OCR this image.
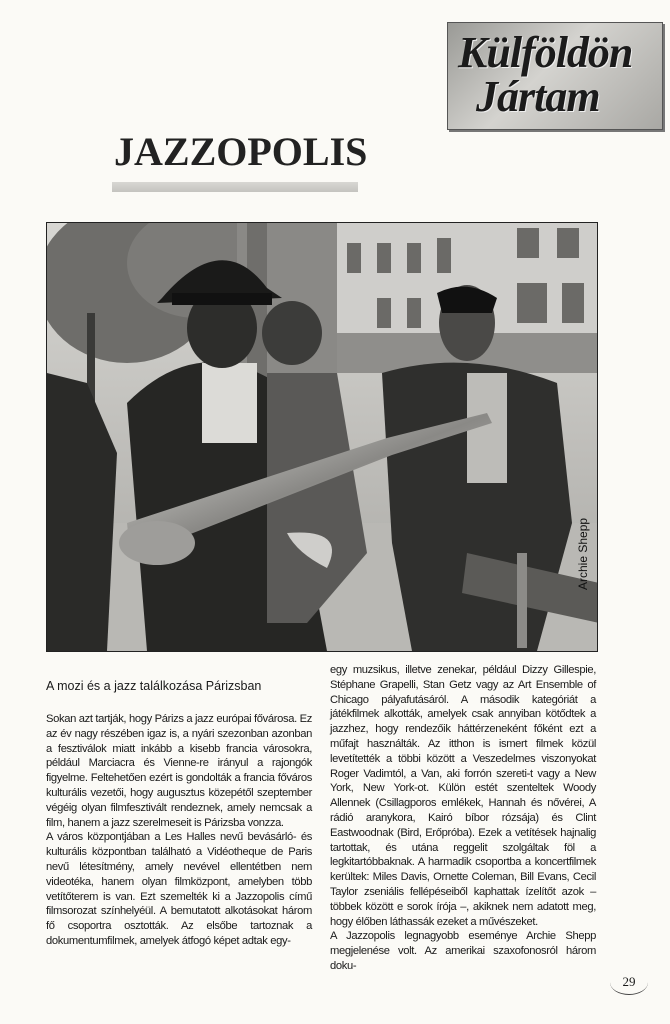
Külföldön
Jártam
JAZZOPOLIS
Archie Shepp

A mozi és a jazz találkozása Párizsban

Sokan azt tartják, hogy Párizs a jazz európai fővárosa. Ez az év nagy részében igaz is, a nyári szezonban azonban a fesztiválok miatt inkább a kisebb francia városokra, például Marciacra és Vienne-re irányul a rajongók figyelme. Feltehetően ezért is gondolták a francia főváros kulturális vezetői, hogy augusztus közepétől szeptember végéig olyan filmfesztivált rendeznek, amely nemcsak a film, hanem a jazz szerelmeseit is Párizsba vonzza.

A város központjában a Les Halles nevű bevásárló- és kulturális központban található a Vidéotheque de Paris nevű létesítmény, amely nevével ellentétben nem videotéka, hanem olyan filmközpont, amelyben több vetítőterem is van. Ezt szemelték ki a Jazzopolis című filmsorozat színhelyéül. A bemutatott alkotásokat három fő csoportra osztották. Az elsőbe tartoznak a dokumentumfilmek, amelyek átfogó képet adtak egy-

egy muzsikus, illetve zenekar, például Dizzy Gillespie, Stéphane Grapelli, Stan Getz vagy az Art Ensemble of Chicago pályafutásáról. A második kategóriát a játékfilmek alkották, amelyek csak annyiban kötődtek a jazzhez, hogy rendezőik háttérzeneként főként ezt a műfajt használták. Az itthon is ismert filmek közül levetítették a többi között a Veszedelmes viszonyokat Roger Vadimtól, a Van, aki forrón szereti-t vagy a New York, New York-ot. Külön estét szenteltek Woody Allennek (Csillagporos emlékek, Hannah és nővérei, A rádió aranykora, Kairó bíbor rózsája) és Clint Eastwoodnak (Bird, Erőpróba). Ezek a vetítések hajnalig tartottak, és utána reggelit szolgáltak föl a legkitartóbbaknak. A harmadik csoportba a koncertfilmek kerültek: Miles Davis, Ornette Coleman, Bill Evans, Cecil Taylor zseniális fellépéseiből kaphattak ízelítőt azok – többek között e sorok írója –, akiknek nem adatott meg, hogy élőben láthassák ezeket a művészeket.

A Jazzopolis legnagyobb eseménye Archie Shepp megjelenése volt. Az amerikai szaxofonosról három doku-

29
